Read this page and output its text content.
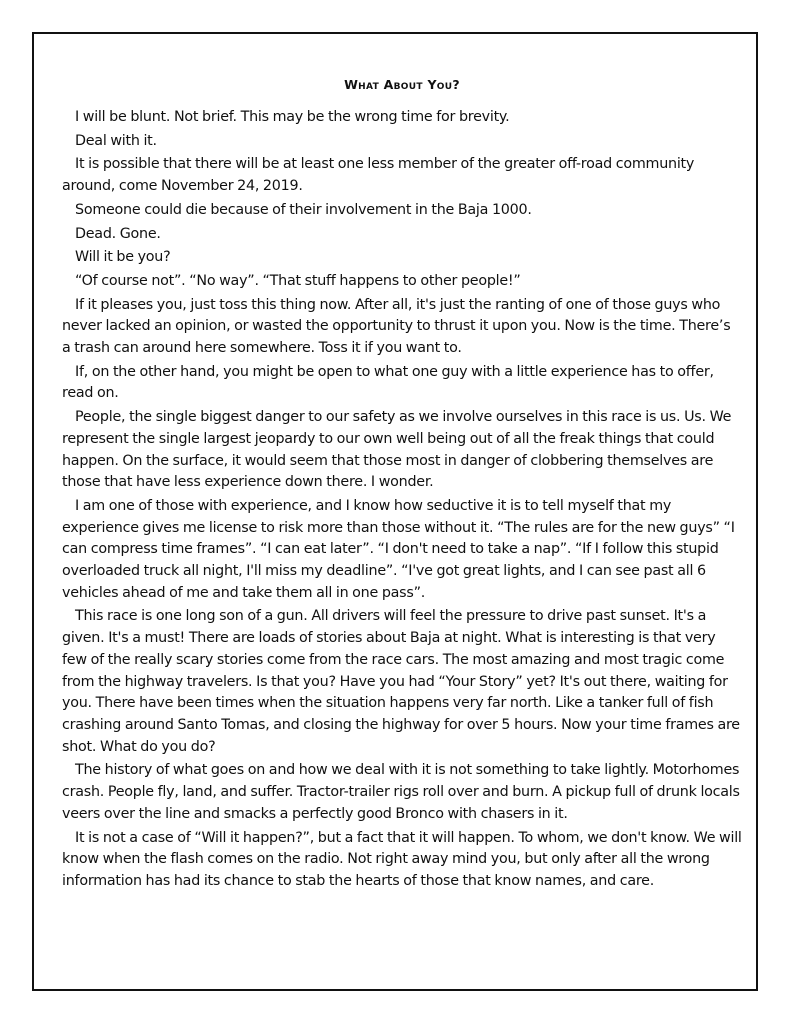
What About You?

I will be blunt. Not brief. This may be the wrong time for brevity.

Deal with it.

It is possible that there will be at least one less member of the greater off-road community around, come November 24, 2019.

Someone could die because of their involvement in the Baja 1000.

Dead. Gone.

Will it be you?

“Of course not”. “No way”. “That stuff happens to other people!”

If it pleases you, just toss this thing now. After all, it's just the ranting of one of those guys who never lacked an opinion, or wasted the opportunity to thrust it upon you. Now is the time. There’s a trash can around here somewhere. Toss it if you want to.

If, on the other hand, you might be open to what one guy with a little experience has to offer, read on.

People, the single biggest danger to our safety as we involve ourselves in this race is us. Us. We represent the single largest jeopardy to our own well being out of all the freak things that could happen. On the surface, it would seem that those most in danger of clobbering themselves are those that have less experience down there. I wonder.

I am one of those with experience, and I know how seductive it is to tell myself that my experience gives me license to risk more than those without it. “The rules are for the new guys” “I can compress time frames”. “I can eat later”. “I don't need to take a nap”. “If I follow this stupid overloaded truck all night, I'll miss my deadline”. “I've got great lights, and I can see past all 6 vehicles ahead of me and take them all in one pass”.

This race is one long son of a gun. All drivers will feel the pressure to drive past sunset. It's a given. It's a must! There are loads of stories about Baja at night. What is interesting is that very few of the really scary stories come from the race cars. The most amazing and most tragic come from the highway travelers. Is that you? Have you had “Your Story” yet? It's out there, waiting for you. There have been times when the situation happens very far north. Like a tanker full of fish crashing around Santo Tomas, and closing the highway for over 5 hours. Now your time frames are shot. What do you do?

The history of what goes on and how we deal with it is not something to take lightly. Motorhomes crash. People fly, land, and suffer. Tractor-trailer rigs roll over and burn. A pickup full of drunk locals veers over the line and smacks a perfectly good Bronco with chasers in it.

It is not a case of “Will it happen?”, but a fact that it will happen. To whom, we don't know. We will know when the flash comes on the radio. Not right away mind you, but only after all the wrong information has had its chance to stab the hearts of those that know names, and care.
